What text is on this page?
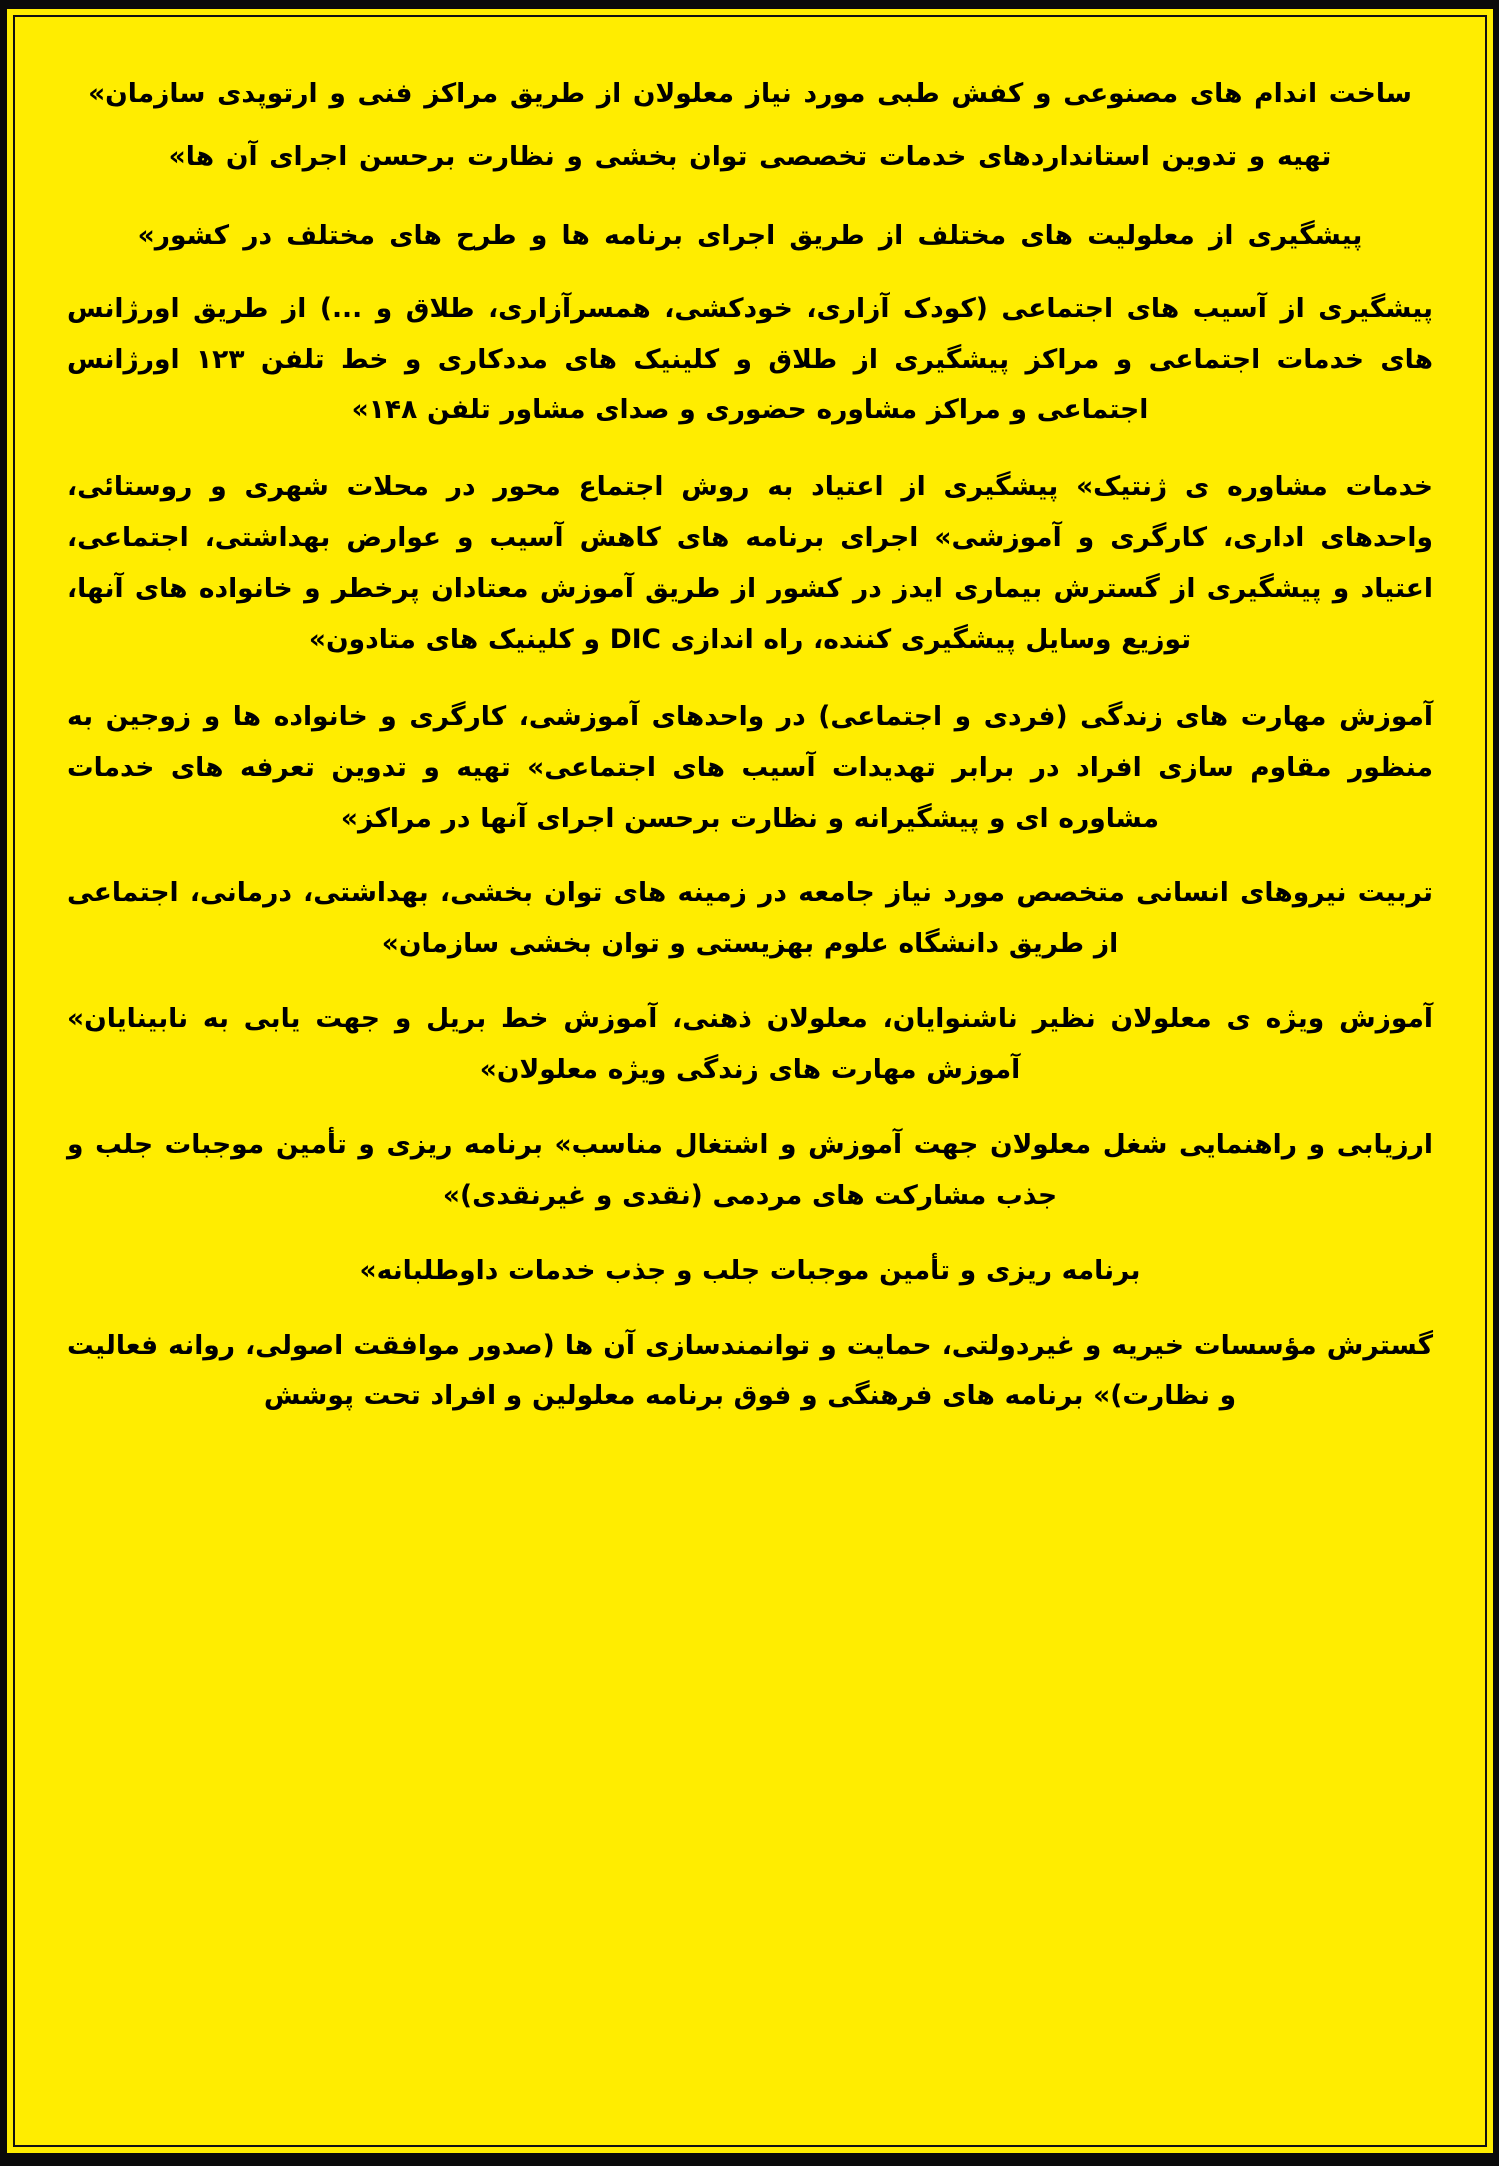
ساخت اندام های مصنوعی و کفش طبی مورد نیاز معلولان از طریق مراکز فنی و ارتوپدی سازمان»

تهیه و تدوین استانداردهای خدمات تخصصی توان بخشی و نظارت برحسن اجرای آن ها»

پیشگیری از معلولیت های مختلف از طریق اجرای برنامه ها و طرح های مختلف در کشور»

پیشگیری از آسیب های اجتماعی (کودک آزاری، خودکشی، همسرآزاری، طلاق و ...) از طریق اورژانس های خدمات اجتماعی و مراکز پیشگیری از طلاق و کلینیک های مددکاری و خط تلفن ۱۲۳ اورژانس اجتماعی و مراکز مشاوره حضوری و صدای مشاور تلفن ۱۴۸»

خدمات مشاوره ی ژنتیک» پیشگیری از اعتیاد به روش اجتماع محور در محلات شهری و روستائی، واحدهای اداری، کارگری و آموزشی» اجرای برنامه های کاهش آسیب و عوارض بهداشتی، اجتماعی، اعتیاد و پیشگیری از گسترش بیماری ایدز در کشور از طریق آموزش معتادان پرخطر و خانواده های آنها، توزیع وسایل پیشگیری کننده، راه اندازی DIC و کلینیک های متادون»

آموزش مهارت های زندگی (فردی و اجتماعی) در واحدهای آموزشی، کارگری و خانواده ها و زوجین به منظور مقاوم سازی افراد در برابر تهدیدات آسیب های اجتماعی» تهیه و تدوین تعرفه های خدمات مشاوره ای و پیشگیرانه و نظارت برحسن اجرای آنها در مراکز»

تربیت نیروهای انسانی متخصص مورد نیاز جامعه در زمینه های توان بخشی، بهداشتی، درمانی، اجتماعی از طریق دانشگاه علوم بهزیستی و توان بخشی سازمان»

آموزش ویژه ی معلولان نظیر ناشنوایان، معلولان ذهنی، آموزش خط بریل و جهت یابی به نابینایان» آموزش مهارت های زندگی ویژه معلولان»

ارزیابی و راهنمایی شغل معلولان جهت آموزش و اشتغال مناسب» برنامه ریزی و تأمین موجبات جلب و جذب مشارکت های مردمی (نقدی و غیرنقدی)»

برنامه ریزی و تأمین موجبات جلب و جذب خدمات داوطلبانه»

گسترش مؤسسات خیریه و غیردولتی، حمایت و توانمندسازی آن ها (صدور موافقت اصولی، روانه فعالیت و نظارت)» برنامه های فرهنگی و فوق برنامه معلولین و افراد تحت پوشش
